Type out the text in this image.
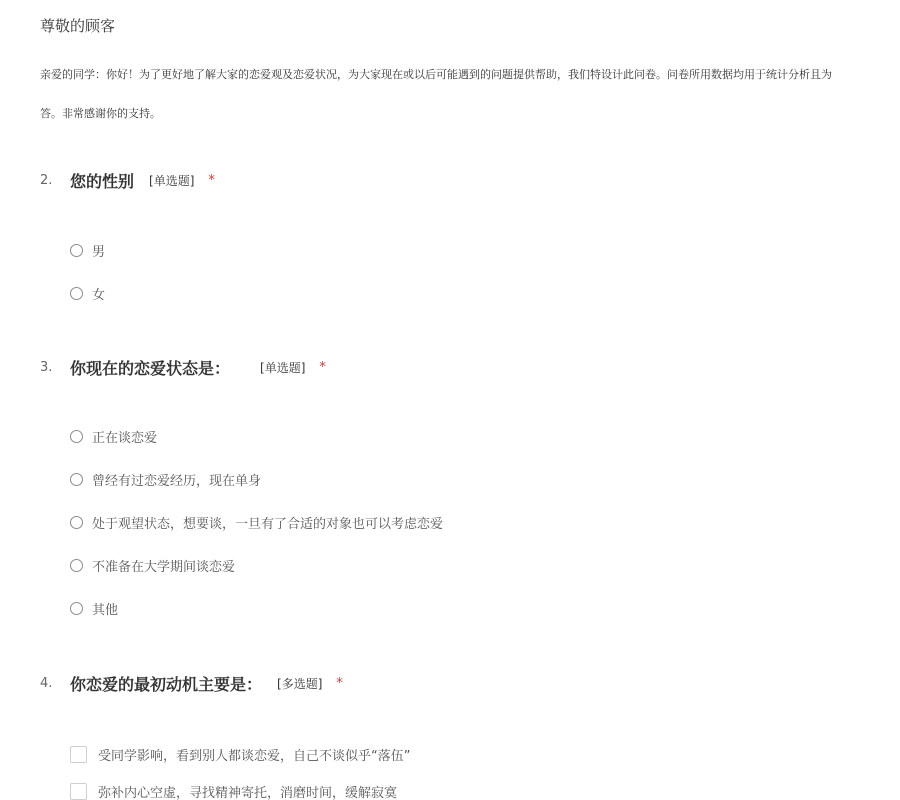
尊敬的顾客
亲爱的同学：你好！为了更好地了解大家的恋爱观及恋爱状况，为大家现在或以后可能遇到的问题提供帮助，我们特设计此问卷。问卷所用数据均用于统计分析且为
答。非常感谢你的支持。
2.	您的性别 [单选题] *
男
女
3.	你现在的恋爱状态是：	[单选题] *
正在谈恋爱
曾经有过恋爱经历，现在单身
处于观望状态，想要谈，一旦有了合适的对象也可以考虑恋爱
不准备在大学期间谈恋爱
其他
4.	你恋爱的最初动机主要是： [多选题] *
受同学影响，看到别人都谈恋爱，自己不谈似乎“落伍”
弥补内心空虚，寻找精神寄托，消磨时间，缓解寂寞
